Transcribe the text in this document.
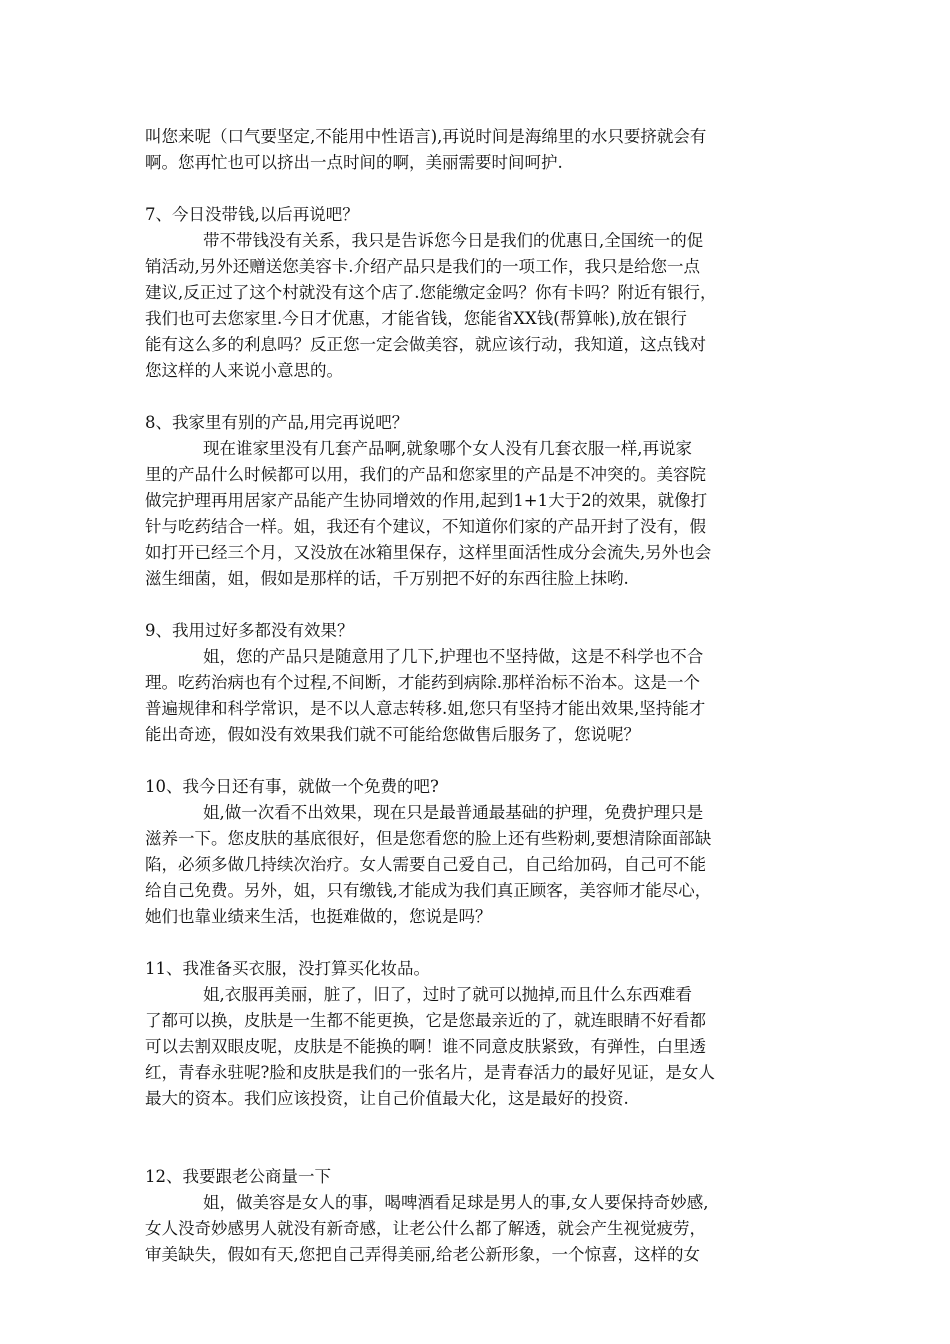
叫您来呢（口气要坚定,不能用中性语言),再说时间是海绵里的水只要挤就会有
啊。您再忙也可以挤出一点时间的啊，美丽需要时间呵护.
7、今日没带钱,以后再说吧？
带不带钱没有关系，我只是告诉您今日是我们的优惠日,全国统一的促
销活动,另外还赠送您美容卡.介绍产品只是我们的一项工作，我只是给您一点
建议,反正过了这个村就没有这个店了.您能缴定金吗？你有卡吗？附近有银行，
我们也可去您家里.今日才优惠，才能省钱，您能省XX钱(帮算帐),放在银行
能有这么多的利息吗？反正您一定会做美容，就应该行动，我知道，这点钱对
您这样的人来说小意思的。
8、我家里有别的产品,用完再说吧？
现在谁家里没有几套产品啊,就象哪个女人没有几套衣服一样,再说家
里的产品什么时候都可以用，我们的产品和您家里的产品是不冲突的。美容院
做完护理再用居家产品能产生协同增效的作用,起到1+1大于2的效果，就像打
针与吃药结合一样。姐，我还有个建议，不知道你们家的产品开封了没有，假
如打开已经三个月，又没放在冰箱里保存，这样里面活性成分会流失,另外也会
滋生细菌，姐，假如是那样的话，千万别把不好的东西往脸上抹哟.
9、我用过好多都没有效果？
姐，您的产品只是随意用了几下,护理也不坚持做，这是不科学也不合
理。吃药治病也有个过程,不间断，才能药到病除.那样治标不治本。这是一个
普遍规律和科学常识，是不以人意志转移.姐,您只有坚持才能出效果,坚持能才
能出奇迹，假如没有效果我们就不可能给您做售后服务了，您说呢？
10、我今日还有事，就做一个免费的吧?
姐,做一次看不出效果，现在只是最普通最基础的护理，免费护理只是
滋养一下。您皮肤的基底很好，但是您看您的脸上还有些粉刺,要想清除面部缺
陷，必须多做几持续次治疗。女人需要自己爱自己，自己给加码，自己可不能
给自己免费。另外，姐，只有缴钱,才能成为我们真正顾客，美容师才能尽心，
她们也靠业绩来生活，也挺难做的，您说是吗？
11、我准备买衣服，没打算买化妆品。
姐,衣服再美丽，脏了，旧了，过时了就可以抛掉,而且什么东西难看
了都可以换，皮肤是一生都不能更换，它是您最亲近的了，就连眼睛不好看都
可以去割双眼皮呢，皮肤是不能换的啊！谁不同意皮肤紧致，有弹性，白里透
红，青春永驻呢?脸和皮肤是我们的一张名片，是青春活力的最好见证，是女人
最大的资本。我们应该投资，让自己价值最大化，这是最好的投资.
12、我要跟老公商量一下
姐，做美容是女人的事，喝啤酒看足球是男人的事,女人要保持奇妙感,
女人没奇妙感男人就没有新奇感，让老公什么都了解透，就会产生视觉疲劳，
审美缺失，假如有天,您把自己弄得美丽,给老公新形象，一个惊喜，这样的女
